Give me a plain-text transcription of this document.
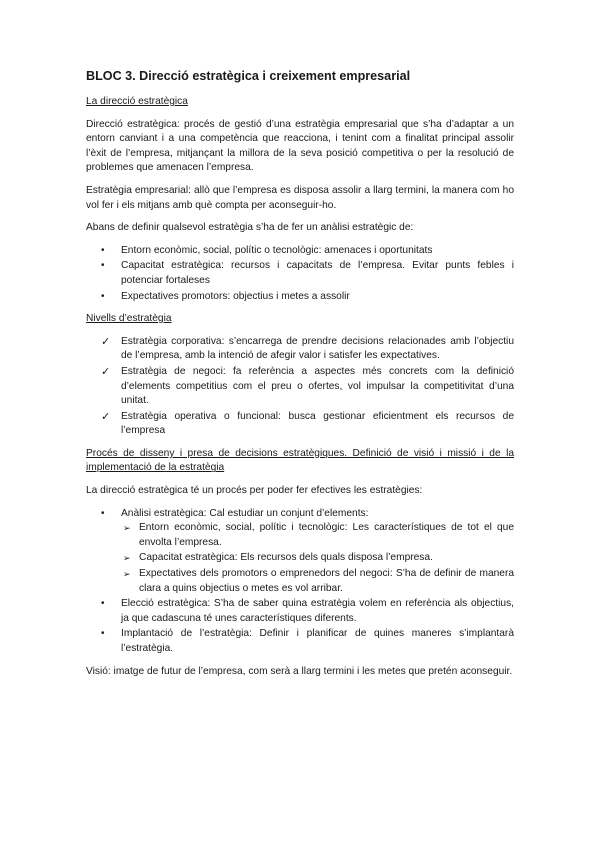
BLOC 3. Direcció estratègica i creixement empresarial
La direcció estratègica

Direcció estratègica: procés de gestió d’una estratègia empresarial que s’ha d’adaptar a un entorn canviant i a una competència que reacciona, i tenint com a finalitat principal assolir l’èxit de l’empresa, mitjançant la millora de la seva posició competitiva o per la resolució de problemes que amenacen l’empresa.

Estratègia empresarial: allò que l’empresa es disposa assolir a llarg termini, la manera com ho vol fer i els mitjans amb què compta per aconseguir-ho.

Abans de definir qualsevol estratègia s’ha de fer un anàlisi estratègic de:

• Entorn econòmic, social, polític o tecnològic: amenaces i oportunitats
• Capacitat estratègica: recursos i capacitats de l’empresa. Evitar punts febles i potenciar fortaleses
• Expectatives promotors: objectius i metes a assolir
Nivells d’estratègia
✓ Estratègia corporativa: s’encarrega de prendre decisions relacionades amb l’objectiu de l’empresa, amb la intenció de afegir valor i satisfer les expectatives.
✓ Estratègia de negoci: fa referència a aspectes més concrets com la definició d’elements competitius com el preu o ofertes, vol impulsar la competitivitat d’una unitat.
✓ Estratègia operativa o funcional: busca gestionar eficientment els recursos de l’empresa
Procés de disseny i presa de decisions estratègiques. Definició de visió i missió i de la implementació de la estratègia

La direcció estratègica té un procés per poder fer efectives les estratègies:

• Anàlisi estratègica: Cal estudiar un conjunt d’elements:
➢ Entorn econòmic, social, polític i tecnològic: Les característiques de tot el que envolta l’empresa.
➢ Capacitat estratègica: Els recursos dels quals disposa l’empresa.
➢ Expectatives dels promotors o emprenedors del negoci: S’ha de definir de manera clara a quins objectius o metes es vol arribar.
• Elecció estratègica: S’ha de saber quina estratègia volem en referència als objectius, ja que cadascuna té unes característiques diferents.
• Implantació de l’estratègia: Definir i planificar de quines maneres s’implantarà l’estratègia.

Visió: imatge de futur de l’empresa, com serà a llarg termini i les metes que pretén aconseguir.
